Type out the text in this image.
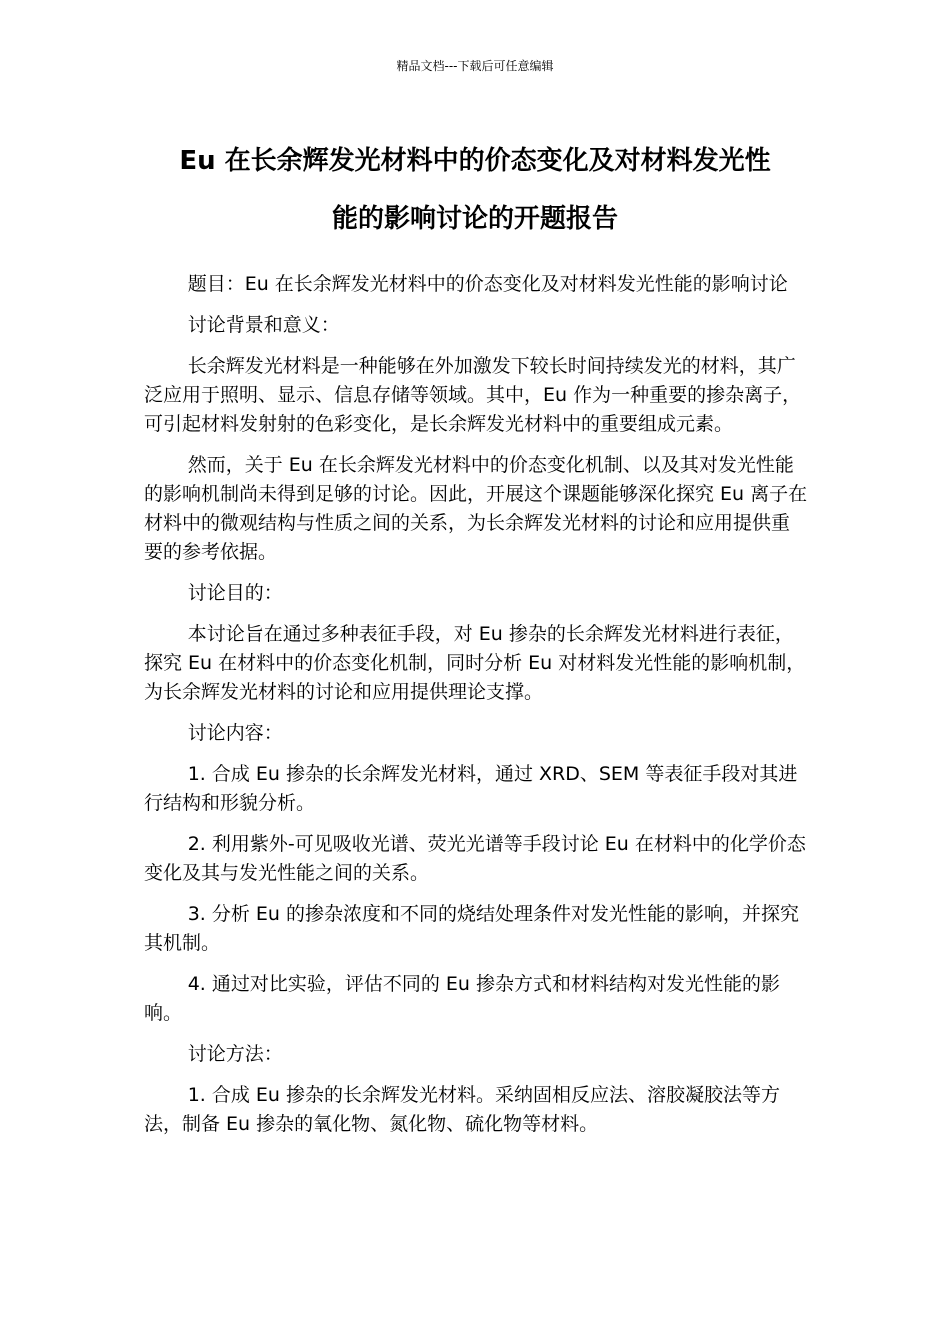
精品文档---下载后可任意编辑
Eu 在长余辉发光材料中的价态变化及对材料发光性
能的影响讨论的开题报告

题目：Eu 在长余辉发光材料中的价态变化及对材料发光性能的影响讨论

讨论背景和意义：

长余辉发光材料是一种能够在外加激发下较长时间持续发光的材料，其广泛应用于照明、显示、信息存储等领域。其中，Eu 作为一种重要的掺杂离子，可引起材料发射射的色彩变化，是长余辉发光材料中的重要组成元素。

然而，关于 Eu 在长余辉发光材料中的价态变化机制、以及其对发光性能的影响机制尚未得到足够的讨论。因此，开展这个课题能够深化探究 Eu 离子在材料中的微观结构与性质之间的关系，为长余辉发光材料的讨论和应用提供重要的参考依据。

讨论目的：

本讨论旨在通过多种表征手段，对 Eu 掺杂的长余辉发光材料进行表征，探究 Eu 在材料中的价态变化机制，同时分析 Eu 对材料发光性能的影响机制，为长余辉发光材料的讨论和应用提供理论支撑。

讨论内容：

1. 合成 Eu 掺杂的长余辉发光材料，通过 XRD、SEM 等表征手段对其进行结构和形貌分析。

2. 利用紫外-可见吸收光谱、荧光光谱等手段讨论 Eu 在材料中的化学价态变化及其与发光性能之间的关系。

3. 分析 Eu 的掺杂浓度和不同的烧结处理条件对发光性能的影响，并探究其机制。

4. 通过对比实验，评估不同的 Eu 掺杂方式和材料结构对发光性能的影响。

讨论方法：

1. 合成 Eu 掺杂的长余辉发光材料。采纳固相反应法、溶胶凝胶法等方法，制备 Eu 掺杂的氧化物、氮化物、硫化物等材料。
